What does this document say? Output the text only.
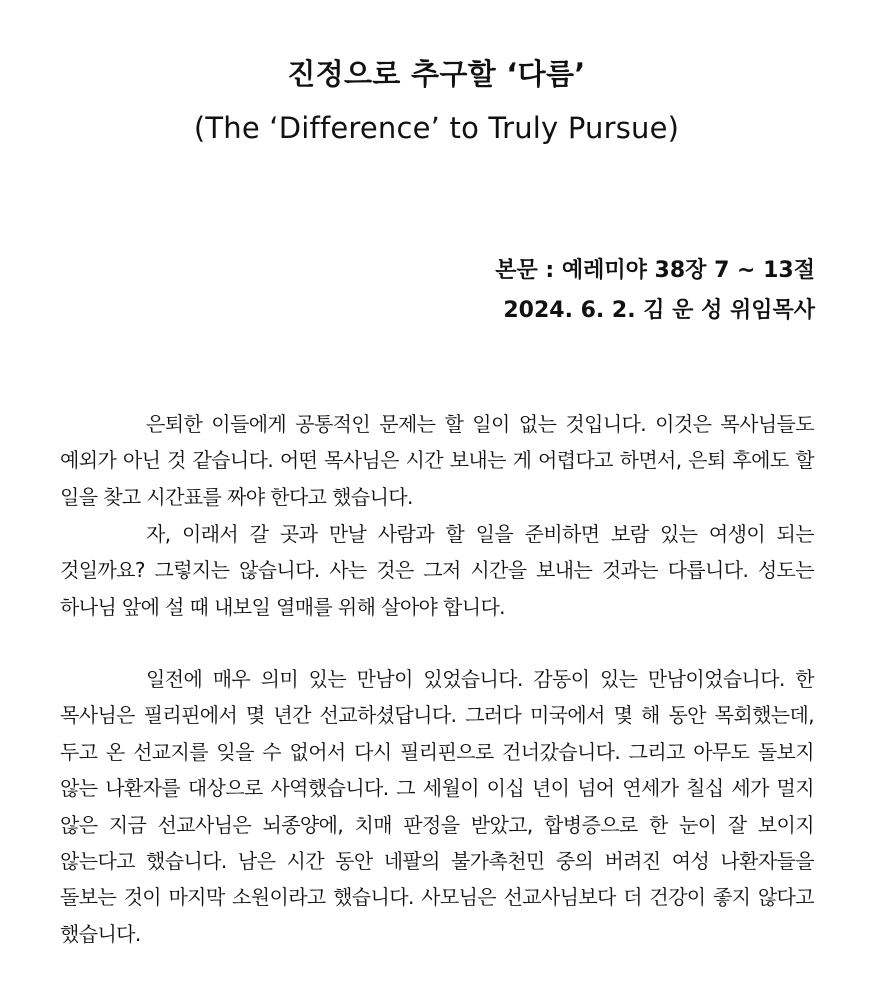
진정으로 추구할 ‘다름’
(The ‘Difference’ to Truly Pursue)
본문 : 예레미야 38장 7 ~ 13절
2024. 6. 2. 김 운 성 위임목사

은퇴한 이들에게 공통적인 문제는 할 일이 없는 것입니다. 이것은 목사님들도 예외가 아닌 것 같습니다. 어떤 목사님은 시간 보내는 게 어렵다고 하면서, 은퇴 후에도 할 일을 찾고 시간표를 짜야 한다고 했습니다.

자, 이래서 갈 곳과 만날 사람과 할 일을 준비하면 보람 있는 여생이 되는 것일까요? 그렇지는 않습니다. 사는 것은 그저 시간을 보내는 것과는 다릅니다. 성도는 하나님 앞에 설 때 내보일 열매를 위해 살아야 합니다.

일전에 매우 의미 있는 만남이 있었습니다. 감동이 있는 만남이었습니다. 한 목사님은 필리핀에서 몇 년간 선교하셨답니다. 그러다 미국에서 몇 해 동안 목회했는데, 두고 온 선교지를 잊을 수 없어서 다시 필리핀으로 건너갔습니다. 그리고 아무도 돌보지 않는 나환자를 대상으로 사역했습니다. 그 세월이 이십 년이 넘어 연세가 칠십 세가 멀지 않은 지금 선교사님은 뇌종양에, 치매 판정을 받았고, 합병증으로 한 눈이 잘 보이지 않는다고 했습니다. 남은 시간 동안 네팔의 불가촉천민 중의 버려진 여성 나환자들을 돌보는 것이 마지막 소원이라고 했습니다. 사모님은 선교사님보다 더 건강이 좋지 않다고 했습니다.
